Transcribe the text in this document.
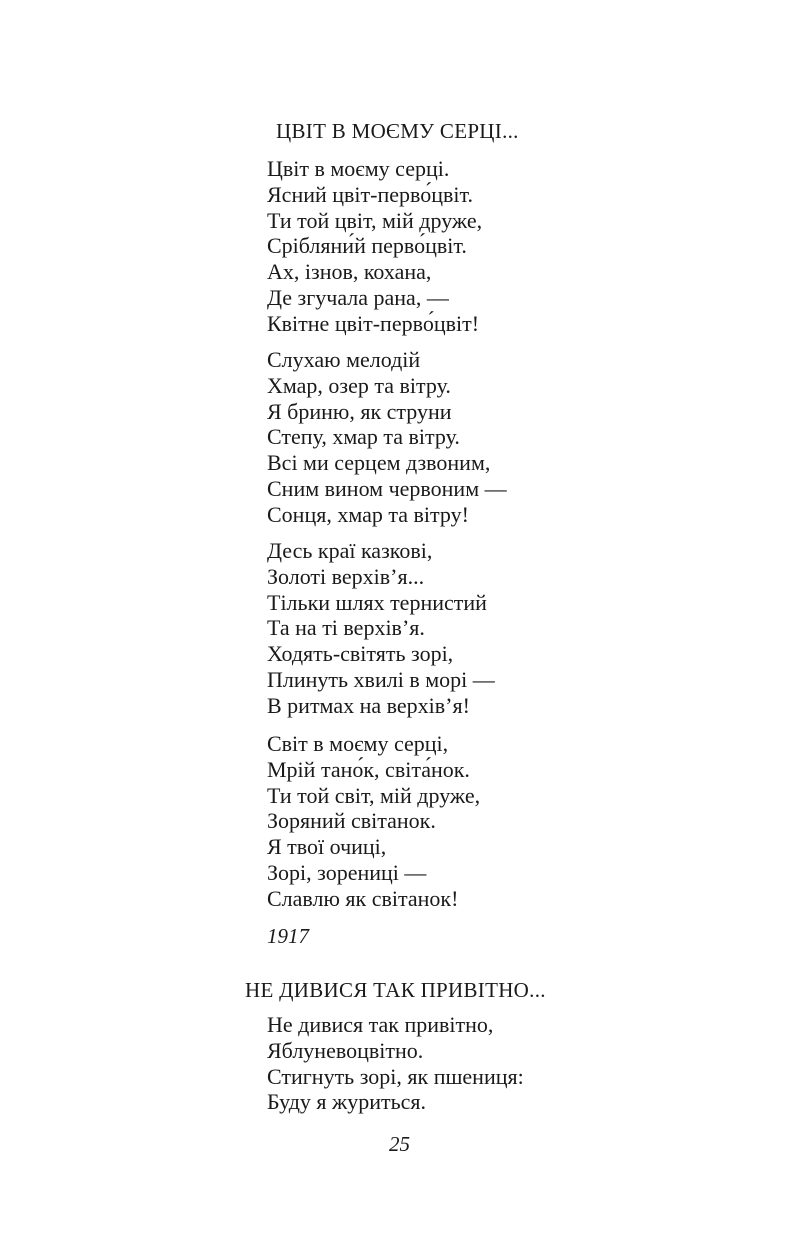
ЦВІТ В МОЄМУ СЕРЦІ...
Цвіт в моєму серці.
Ясний цвіт-перво́цвіт.
Ти той цвіт, мій друже,
Срібляни́й перво́цвіт.
Ах, ізнов, кохана,
Де згучала рана, —
Квітне цвіт-перво́цвіт!
Слухаю мелодій
Хмар, озер та вітру.
Я бриню, як струни
Степу, хмар та вітру.
Всі ми серцем дзвоним,
Сним вином червоним —
Сонця, хмар та вітру!
Десь краї казкові,
Золоті верхів’я...
Тільки шлях тернистий
Та на ті верхів’я.
Ходять-світять зорі,
Плинуть хвилі в морі —
В ритмах на верхів’я!
Світ в моєму серці,
Мрій тано́к, світа́нок.
Ти той світ, мій друже,
Зоряний світанок.
Я твої очиці,
Зорі, зорениці —
Славлю як світанок!
1917
НЕ ДИВИСЯ ТАК ПРИВІТНО...
Не дивися так привітно,
Яблуневоцвітно.
Стигнуть зорі, як пшениця:
Буду я журиться.
25
